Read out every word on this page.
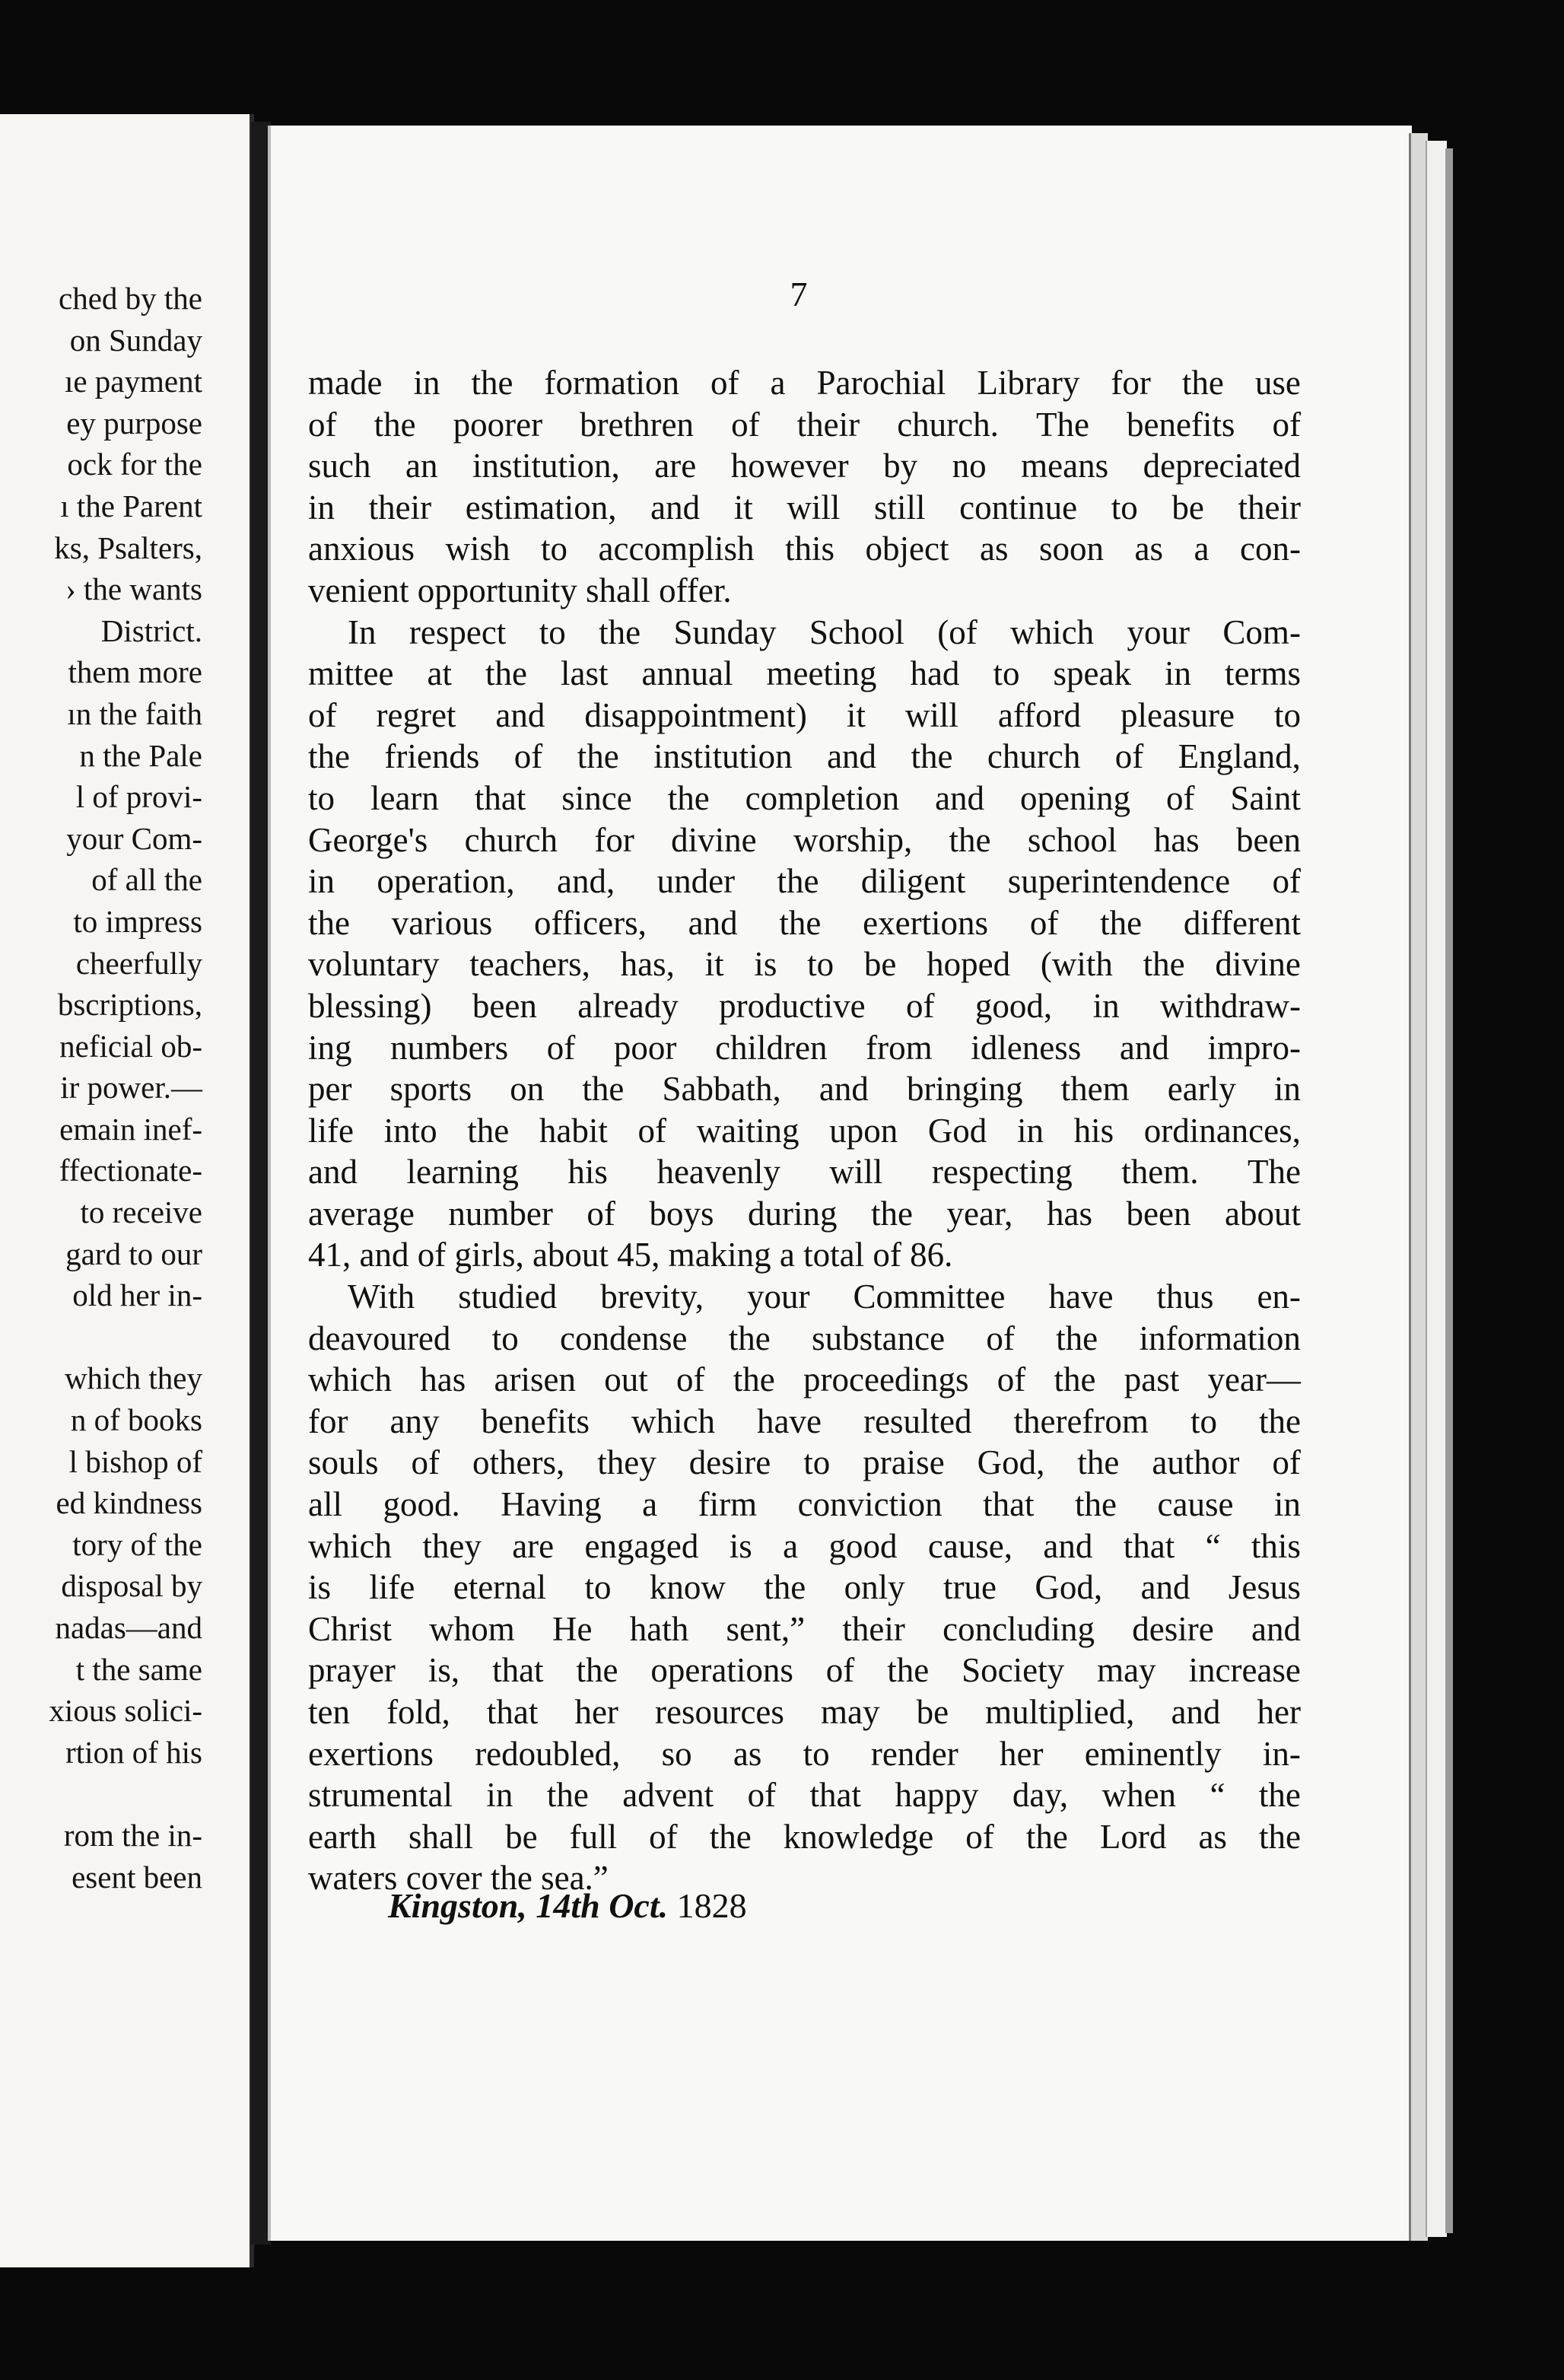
ched by the
on Sunday
ıe payment
ey purpose
ock for the
ı the Parent
ks, Psalters,
› the wants
District.
them more
ın the faith
n the Pale
l of provi-
your Com-
of all the
to impress
cheerfully
bscriptions,
neficial ob-
ir power.—
emain inef-
ffectionate-
to receive
gard to our
old her in-
which they
n of books
l bishop of
ed kindness
tory of the
disposal by
nadas—and
t the same
xious solici-
rtion of his
rom the in-
esent been
7
made in the formation of a Parochial Library for the use
of the poorer brethren of their church. The benefits of
such an institution, are however by no means depreciated
in their estimation, and it will still continue to be their
anxious wish to accomplish this object as soon as a con-
venient opportunity shall offer.
In respect to the Sunday School (of which your Com-
mittee at the last annual meeting had to speak in terms
of regret and disappointment) it will afford pleasure to
the friends of the institution and the church of England,
to learn that since the completion and opening of Saint
George's church for divine worship, the school has been
in operation, and, under the diligent superintendence of
the various officers, and the exertions of the different
voluntary teachers, has, it is to be hoped (with the divine
blessing) been already productive of good, in withdraw-
ing numbers of poor children from idleness and impro-
per sports on the Sabbath, and bringing them early in
life into the habit of waiting upon God in his ordinances,
and learning his heavenly will respecting them. The
average number of boys during the year, has been about
41, and of girls, about 45, making a total of 86.
With studied brevity, your Committee have thus en-
deavoured to condense the substance of the information
which has arisen out of the proceedings of the past year—
for any benefits which have resulted therefrom to the
souls of others, they desire to praise God, the author of
all good. Having a firm conviction that the cause in
which they are engaged is a good cause, and that “ this
is life eternal to know the only true God, and Jesus
Christ whom He hath sent,” their concluding desire and
prayer is, that the operations of the Society may increase
ten fold, that her resources may be multiplied, and her
exertions redoubled, so as to render her eminently in-
strumental in the advent of that happy day, when “ the
earth shall be full of the knowledge of the Lord as the
waters cover the sea.”
Kingston, 14th Oct. 1828
